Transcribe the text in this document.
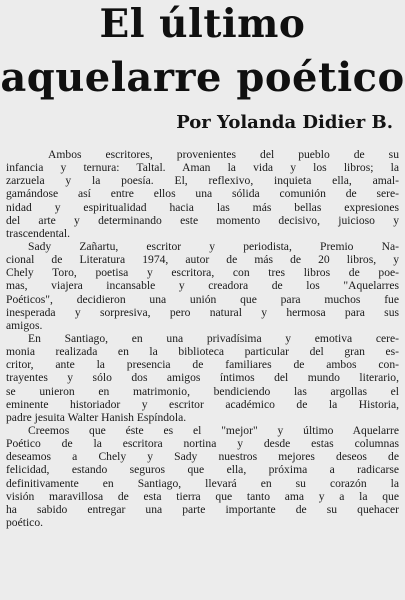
El último
aquelarre poético
Por Yolanda Didier B.
Ambos escritores, provenientes del pueblo de su
infancia y ternura: Taltal. Aman la vida y los libros; la
zarzuela y la poesía. El, reflexivo, inquieta ella, amal-
gamándose así entre ellos una sólida comunión de sere-
nidad y espiritualidad hacia las más bellas expresiones
del arte y determinando este momento decisivo, juicioso y
trascendental.
Sady Zañartu, escritor y periodista, Premio Na-
cional de Literatura 1974, autor de más de 20 libros, y
Chely Toro, poetisa y escritora, con tres libros de poe-
mas, viajera incansable y creadora de los "Aquelarres
Poéticos", decidieron una unión que para muchos fue
inesperada y sorpresiva, pero natural y hermosa para sus
amigos.
En Santiago, en una privadísima y emotiva cere-
monia realizada en la biblioteca particular del gran es-
critor, ante la presencia de familiares de ambos con-
trayentes y sólo dos amigos íntimos del mundo literario,
se unieron en matrimonio, bendiciendo las argollas el
eminente historiador y escritor académico de la Historia,
padre jesuita Walter Hanish Espíndola.
Creemos que éste es el "mejor" y último Aquelarre
Poético de la escritora nortina y desde estas columnas
deseamos a Chely y Sady nuestros mejores deseos de
felicidad, estando seguros que ella, próxima a radicarse
definitivamente en Santiago, llevará en su corazón la
visión maravillosa de esta tierra que tanto ama y a la que
ha sabido entregar una parte importante de su quehacer
poético.
